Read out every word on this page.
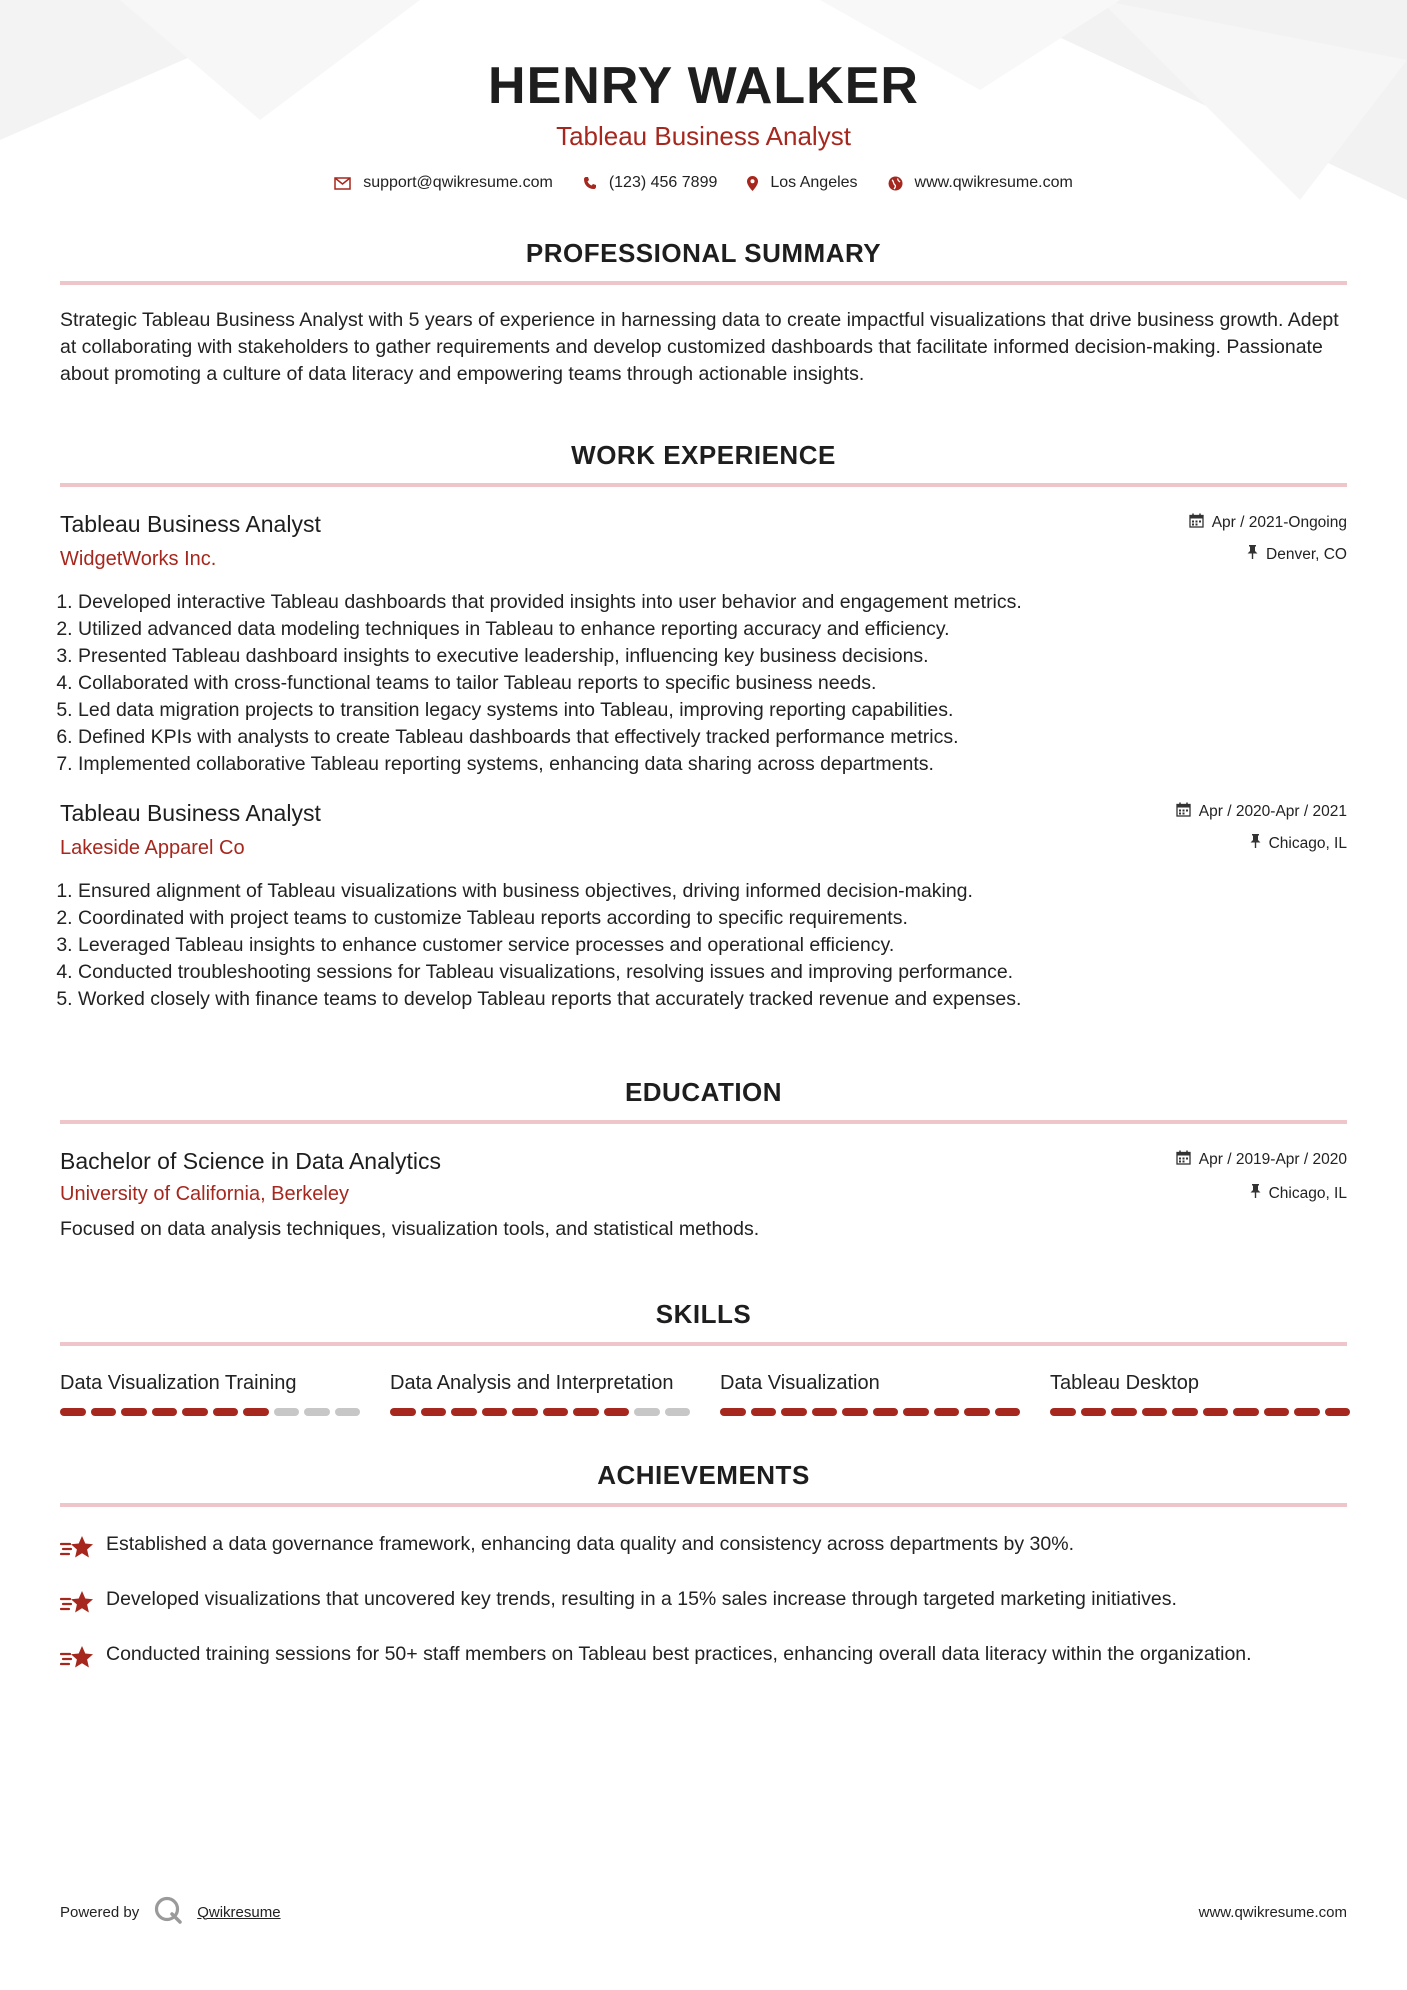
HENRY WALKER
Tableau Business Analyst
support@qwikresume.com	(123) 456 7899	Los Angeles	www.qwikresume.com
PROFESSIONAL SUMMARY

Strategic Tableau Business Analyst with 5 years of experience in harnessing data to create impactful visualizations that drive business growth. Adept at collaborating with stakeholders to gather requirements and develop customized dashboards that facilitate informed decision-making. Passionate about promoting a culture of data literacy and empowering teams through actionable insights.

WORK EXPERIENCE
Tableau Business Analyst
WidgetWorks Inc.
Apr / 2021-Ongoing
Denver, CO
1. Developed interactive Tableau dashboards that provided insights into user behavior and engagement metrics.
2. Utilized advanced data modeling techniques in Tableau to enhance reporting accuracy and efficiency.
3. Presented Tableau dashboard insights to executive leadership, influencing key business decisions.
4. Collaborated with cross-functional teams to tailor Tableau reports to specific business needs.
5. Led data migration projects to transition legacy systems into Tableau, improving reporting capabilities.
6. Defined KPIs with analysts to create Tableau dashboards that effectively tracked performance metrics.
7. Implemented collaborative Tableau reporting systems, enhancing data sharing across departments.
Tableau Business Analyst
Lakeside Apparel Co
Apr / 2020-Apr / 2021
Chicago, IL
1. Ensured alignment of Tableau visualizations with business objectives, driving informed decision-making.
2. Coordinated with project teams to customize Tableau reports according to specific requirements.
3. Leveraged Tableau insights to enhance customer service processes and operational efficiency.
4. Conducted troubleshooting sessions for Tableau visualizations, resolving issues and improving performance.
5. Worked closely with finance teams to develop Tableau reports that accurately tracked revenue and expenses.
EDUCATION
Bachelor of Science in Data Analytics
University of California, Berkeley
Apr / 2019-Apr / 2020
Chicago, IL
Focused on data analysis techniques, visualization tools, and statistical methods.
SKILLS
Data Visualization Training	Data Analysis and Interpretation	Data Visualization	Tableau Desktop
ACHIEVEMENTS
Established a data governance framework, enhancing data quality and consistency across departments by 30%.
Developed visualizations that uncovered key trends, resulting in a 15% sales increase through targeted marketing initiatives.
Conducted training sessions for 50+ staff members on Tableau best practices, enhancing overall data literacy within the organization.
Powered by	Qwikresume	www.qwikresume.com
